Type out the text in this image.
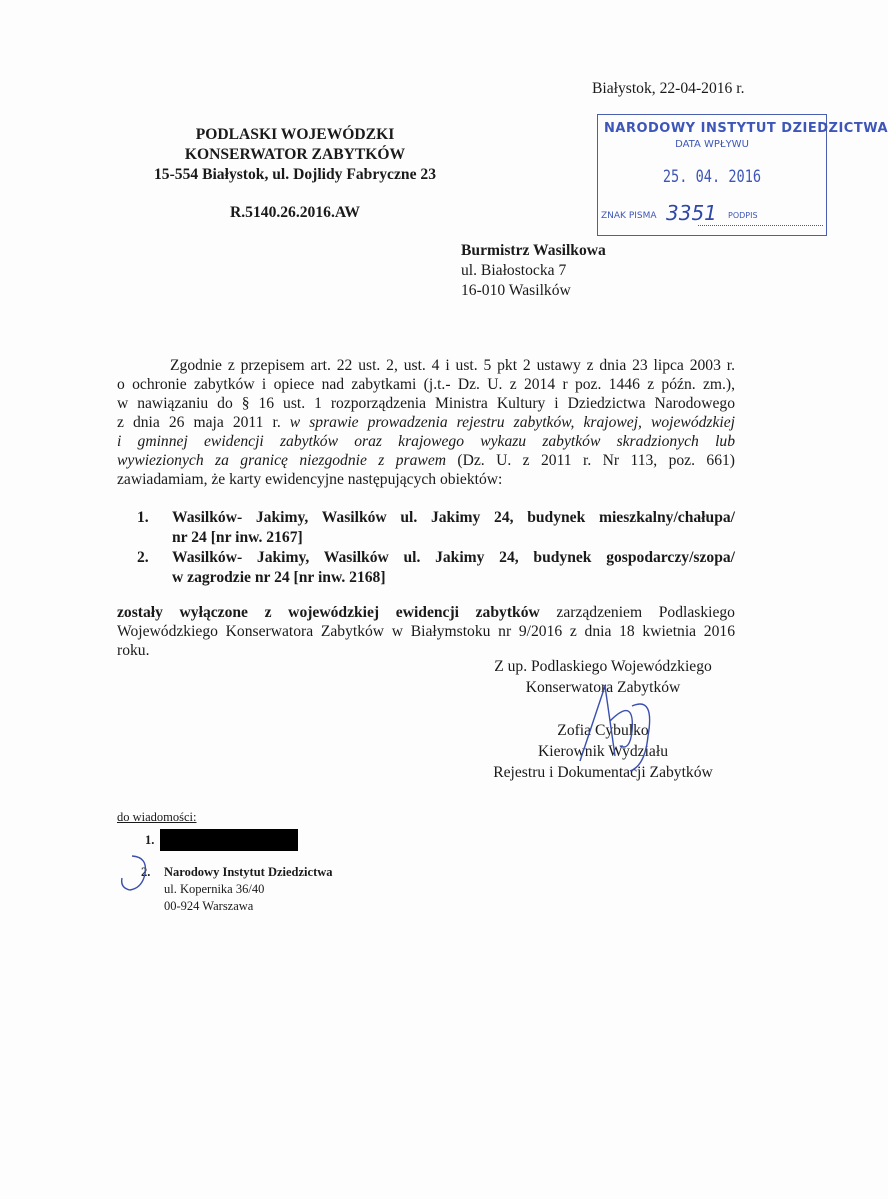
Białystok, 22-04-2016 r.
PODLASKI WOJEWÓDZKI
KONSERWATOR ZABYTKÓW
15-554 Białystok, ul. Dojlidy Fabryczne 23
R.5140.26.2016.AW
NARODOWY INSTYTUT DZIEDZICTWA
DATA WPŁYWU
25. 04. 2016
ZNAK PISMA 3351 PODPIS
Burmistrz Wasilkowa
ul. Białostocka 7
16-010 Wasilków
Zgodnie z przepisem art. 22 ust. 2, ust. 4 i ust. 5 pkt 2 ustawy z dnia 23 lipca 2003 r.
o ochronie zabytków i opiece nad zabytkami (j.t.- Dz. U. z 2014 r poz. 1446 z późn. zm.),
w nawiązaniu do § 16 ust. 1 rozporządzenia Ministra Kultury i Dziedzictwa Narodowego
z dnia 26 maja 2011 r. w sprawie prowadzenia rejestru zabytków, krajowej, wojewódzkiej
i gminnej ewidencji zabytków oraz krajowego wykazu zabytków skradzionych lub
wywiezionych za granicę niezgodnie z prawem (Dz. U. z 2011 r. Nr 113, poz. 661)
zawiadamiam, że karty ewidencyjne następujących obiektów:
1. Wasilków- Jakimy, Wasilków ul. Jakimy 24, budynek mieszkalny/chałupa/
nr 24 [nr inw. 2167]
2. Wasilków- Jakimy, Wasilków ul. Jakimy 24, budynek gospodarczy/szopa/
w zagrodzie nr 24 [nr inw. 2168]
zostały wyłączone z wojewódzkiej ewidencji zabytków zarządzeniem Podlaskiego
Wojewódzkiego Konserwatora Zabytków w Białymstoku nr 9/2016 z dnia 18 kwietnia 2016
roku.
Z up. Podlaskiego Wojewódzkiego
Konserwatora Zabytków
Zofia Cybulko
Kierownik Wydziału
Rejestru i Dokumentacji Zabytków
do wiadomości:
1.
2. Narodowy Instytut Dziedzictwa
ul. Kopernika 36/40
00-924 Warszawa
